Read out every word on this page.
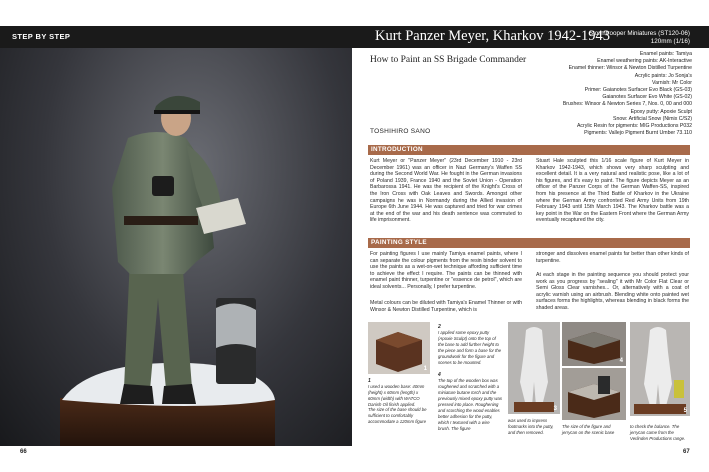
STEP BY STEP	Kurt Panzer Meyer, Kharkov 1942-1943
Stormtrooper Miniatures (ST120-06)
120mm (1/16)
66	67
How to Paint an SS Brigade Commander
TOSHIHIRO SANO
Enamel paints: Tamiya
Enamel weathering paints: AK-Interactive
Enamel thinner: Winsor & Newton Distilled Turpentine
Acrylic paints: Jo Sonja's
Varnish: Mr Color
Primer: Gaianotes Surfacer Evo Black (GS-03)
Gaianotes Surfacer Evo White (GS-02)
Brushes: Winsor & Newton Series 7, Nos. 0, 00 and 000
Epoxy putty: Apoxie Sculpt
Snow: Artificial Snow (Nimix C/S2)
Acrylic Resin for pigments: MIG Productions P032
Pigments: Vallejo Pigment Burnt Umber 73.110
INTRODUCTION
Kurt Meyer or "Panzer Meyer" (23rd December 1910 - 23rd December 1961) was an officer in Nazi Germany's Waffen SS during the Second World War. He fought in the German invasions of Poland 1939, France 1940 and the Soviet Union - Operation Barbarossa 1941. He was the recipient of the Knight's Cross of the Iron Cross with Oak Leaves and Swords. Amongst other campaigns he was in Normandy during the Allied invasion of Europe 6th June 1944. He was captured and tried for war crimes at the end of the war and his death sentence was commuted to life imprisonment.
Stuart Hale sculpted this 1/16 scale figure of Kurt Meyer in Kharkov 1942-1943, which shows very sharp sculpting and excellent detail. It is a very natural and realistic pose, like a lot of his figures, and it's easy to paint. The figure depicts Meyer as an officer of the Panzer Corps of the German Waffen-SS, inspired from his presence at the Third Battle of Kharkov in the Ukraine where the German Army confronted Red Army Units from 19th February 1943 until 15th March 1943. The Kharkov battle was a key point in the War on the Eastern Front where the German Army eventually recaptured the city.
PAINTING STYLE
For painting figures I use mainly Tamiya enamel paints, where I can separate the colour pigments from the resin binder solvent to use the paints as a wet-on-wet technique affording sufficient time to achieve the effect I require. The paints can be thinned with enamel paint thinner, turpentine or "essence de petrol", which are ideal solvents... Personally, I prefer turpentine.
Metal colours can be diluted with Tamiya's Enamel Thinner or with Winsor & Newton Distilled Turpentine, which is
stronger and dissolves enamel paints far better than other kinds of turpentine.
At each stage in the painting sequence you should protect your work as you progress by "sealing" it with Mr Color Flat Clear or Semi Gloss Clear varnishes... Or, alternatively with a coat of acrylic varnish using an airbrush. Blending white onto painted wet surfaces forms the highlights, whereas blending in black forms the shaded areas.
1
1
I used a wooden base: 40mm (height) x 60mm (length) x 60mm (width) with WATCO Danish Oil finish applied.
The size of the base should be sufficient to comfortably accommodate a 120mm figure
2
I applied some epoxy putty (Apoxie Sculpt) onto the top of the base to add further height to the piece and form a base for the groundwork for the figure and scenes to be mounted.
4
The top of the wooden box was roughened and scratched with a miniature butane torch and the previously mixed epoxy putty was pressed into place. Roughening and scorching the wood enables better adhesion for the putty, which I textured with a wire brush. The figure
3
was used to impress footmarks into the putty, and then removed.
4
The size of the figure and jerrycan on the scenic base
5
to check the balance. The jerrycan came from the Verlinden Productions range.
